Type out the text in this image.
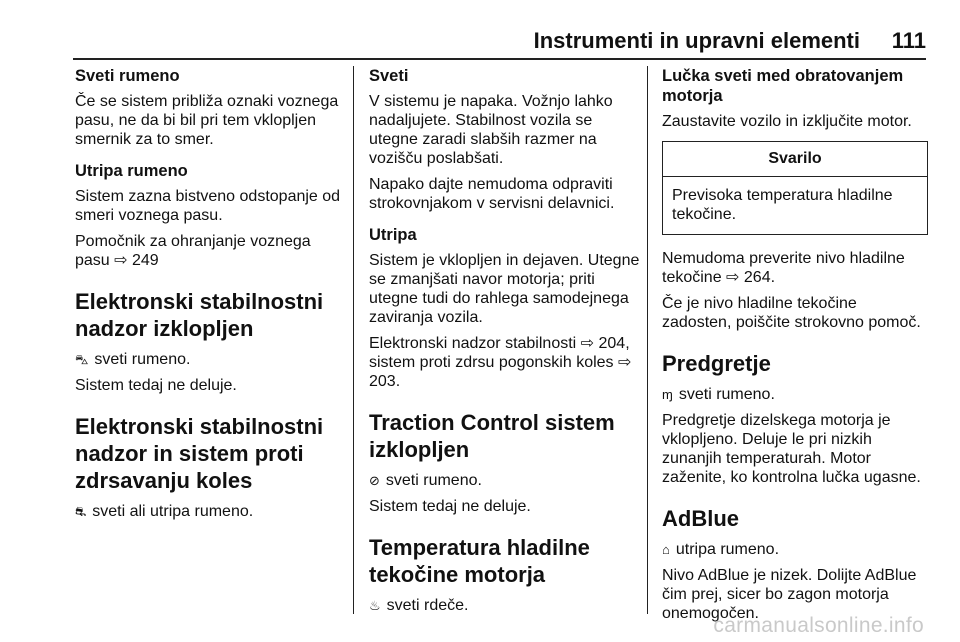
Instrumenti in upravni elementi 111
Sveti rumeno
Če se sistem približa oznaki voznega pasu, ne da bi bil pri tem vklopljen smernik za to smer.
Utripa rumeno
Sistem zazna bistveno odstopanje od smeri voznega pasu.
Pomočnik za ohranjanje voznega pasu ⇨ 249
Elektronski stabilnostni nadzor izklopljen
⛍ sveti rumeno.
Sistem tedaj ne deluje.
Elektronski stabilnostni nadzor in sistem proti zdrsavanju koles
⛐ sveti ali utripa rumeno.
Sveti
V sistemu je napaka. Vožnjo lahko nadaljujete. Stabilnost vozila se utegne zaradi slabših razmer na vozišču poslabšati.
Napako dajte nemudoma odpraviti strokovnjakom v servisni delavnici.
Utripa
Sistem je vklopljen in dejaven. Utegne se zmanjšati navor motorja; priti utegne tudi do rahlega samodejnega zaviranja vozila.
Elektronski nadzor stabilnosti ⇨ 204, sistem proti zdrsu pogonskih koles ⇨ 203.
Traction Control sistem izklopljen
⊘ sveti rumeno.
Sistem tedaj ne deluje.
Temperatura hladilne tekočine motorja
♨ sveti rdeče.
Lučka sveti med obratovanjem motorja
Zaustavite vozilo in izključite motor.
Svarilo
Previsoka temperatura hladilne tekočine.
Nemudoma preverite nivo hladilne tekočine ⇨ 264.
Če je nivo hladilne tekočine zadosten, poiščite strokovno pomoč.
Predgretje
ɱ sveti rumeno.
Predgretje dizelskega motorja je vklopljeno. Deluje le pri nizkih zunanjih temperaturah. Motor zaženite, ko kontrolna lučka ugasne.
AdBlue
⌂ utripa rumeno.
Nivo AdBlue je nizek. Dolijte AdBlue čim prej, sicer bo zagon motorja onemogočen.
carmanualsonline.info
